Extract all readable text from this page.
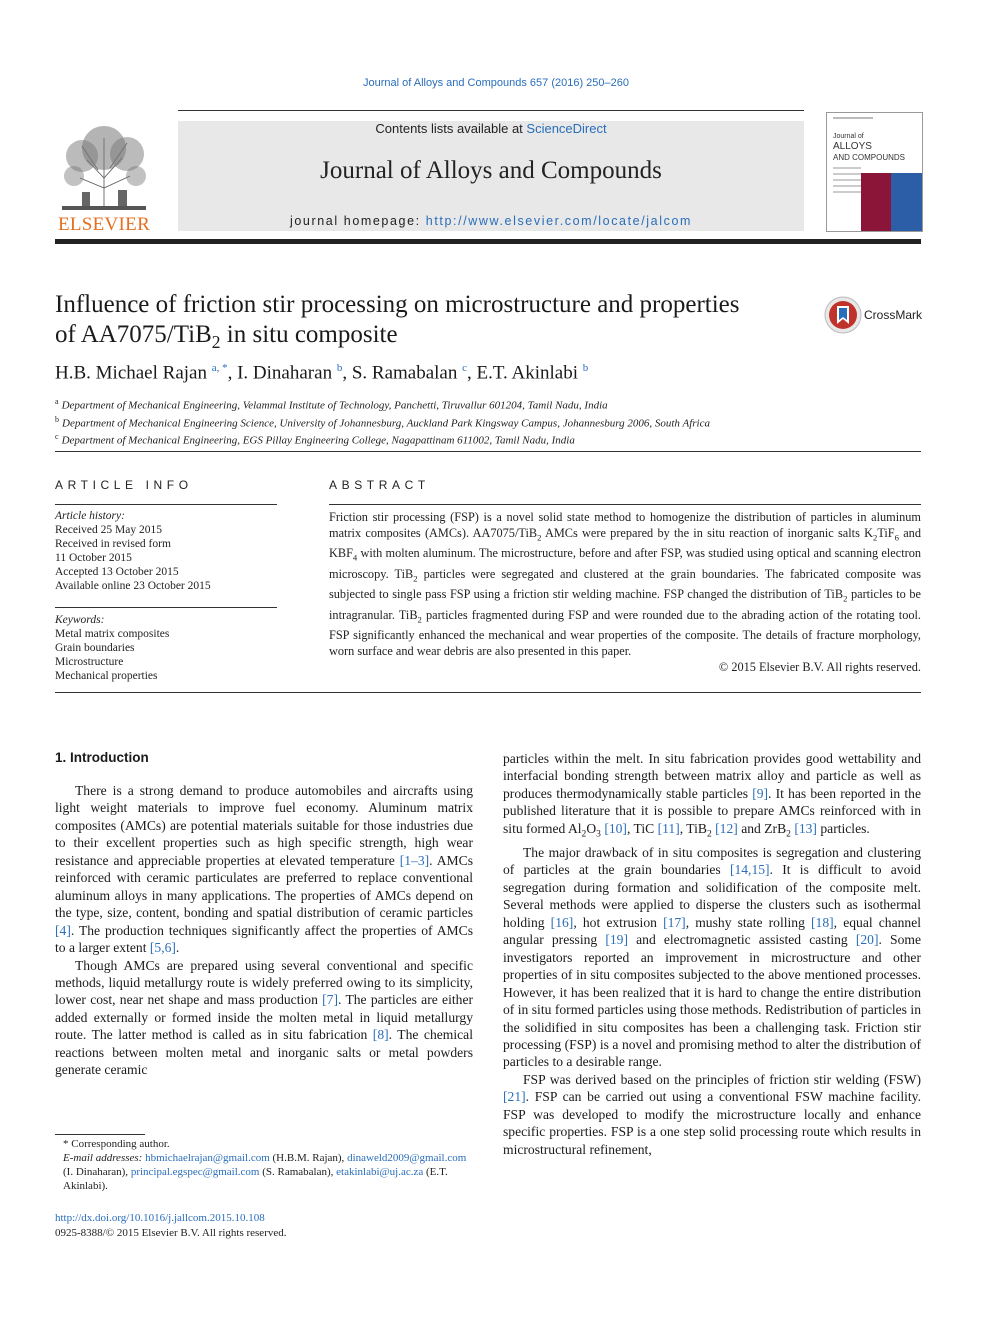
Journal of Alloys and Compounds 657 (2016) 250–260
ELSEVIER
Contents lists available at ScienceDirect
Journal of Alloys and Compounds
journal homepage: http://www.elsevier.com/locate/jalcom
Journal of
ALLOYS
AND COMPOUNDS
Influence of friction stir processing on microstructure and properties
of AA7075/TiB$_2$ in situ composite
CrossMark
H.B. Michael Rajan $^{a, *}$, I. Dinaharan $^b$, S. Ramabalan $^c$, E.T. Akinlabi $^b$
$^a$ Department of Mechanical Engineering, Velammal Institute of Technology, Panchetti, Tiruvallur 601204, Tamil Nadu, India
$^b$ Department of Mechanical Engineering Science, University of Johannesburg, Auckland Park Kingsway Campus, Johannesburg 2006, South Africa
$^c$ Department of Mechanical Engineering, EGS Pillay Engineering College, Nagapattinam 611002, Tamil Nadu, India
ARTICLE INFO
Article history:
Received 25 May 2015
Received in revised form
11 October 2015
Accepted 13 October 2015
Available online 23 October 2015
Keywords:
Metal matrix composites
Grain boundaries
Microstructure
Mechanical properties
ABSTRACT
Friction stir processing (FSP) is a novel solid state method to homogenize the distribution of particles in aluminum matrix composites (AMCs). AA7075/TiB$_2$ AMCs were prepared by the in situ reaction of inorganic salts $K_2TiF_6$ and $KBF_4$ with molten aluminum. The microstructure, before and after FSP, was studied using optical and scanning electron microscopy. TiB$_2$ particles were segregated and clustered at the grain boundaries. The fabricated composite was subjected to single pass FSP using a friction stir welding machine. FSP changed the distribution of TiB$_2$ particles to be intragranular. TiB$_2$ particles fragmented during FSP and were rounded due to the abrading action of the rotating tool. FSP significantly enhanced the mechanical and wear properties of the composite. The details of fracture morphology, worn surface and wear debris are also presented in this paper.
© 2015 Elsevier B.V. All rights reserved.
1. Introduction

There is a strong demand to produce automobiles and aircrafts using light weight materials to improve fuel economy. Aluminum matrix composites (AMCs) are potential materials suitable for those industries due to their excellent properties such as high specific strength, high wear resistance and appreciable properties at elevated temperature [1–3]. AMCs reinforced with ceramic particulates are preferred to replace conventional aluminum alloys in many applications. The properties of AMCs depend on the type, size, content, bonding and spatial distribution of ceramic particles [4]. The production techniques significantly affect the properties of AMCs to a larger extent [5,6].

Though AMCs are prepared using several conventional and specific methods, liquid metallurgy route is widely preferred owing to its simplicity, lower cost, near net shape and mass production [7]. The particles are either added externally or formed inside the molten metal in liquid metallurgy route. The latter method is called as in situ fabrication [8]. The chemical reactions between molten metal and inorganic salts or metal powders generate ceramic

particles within the melt. In situ fabrication provides good wettability and interfacial bonding strength between matrix alloy and particle as well as produces thermodynamically stable particles [9]. It has been reported in the published literature that it is possible to prepare AMCs reinforced with in situ formed $Al_2O_3$ [10], TiC [11], TiB$_2$ [12] and ZrB$_2$ [13] particles.

The major drawback of in situ composites is segregation and clustering of particles at the grain boundaries [14,15]. It is difficult to avoid segregation during formation and solidification of the composite melt. Several methods were applied to disperse the clusters such as isothermal holding [16], hot extrusion [17], mushy state rolling [18], equal channel angular pressing [19] and electromagnetic assisted casting [20]. Some investigators reported an improvement in microstructure and other properties of in situ composites subjected to the above mentioned processes. However, it has been realized that it is hard to change the entire distribution of in situ formed particles using those methods. Redistribution of particles in the solidified in situ composites has been a challenging task. Friction stir processing (FSP) is a novel and promising method to alter the distribution of particles to a desirable range.

FSP was derived based on the principles of friction stir welding (FSW) [21]. FSP can be carried out using a conventional FSW machine facility. FSP was developed to modify the microstructure locally and enhance specific properties. FSP is a one step solid processing route which results in microstructural refinement,

* Corresponding author.
E-mail addresses: hbmichaelrajan@gmail.com (H.B.M. Rajan), dinaweld2009@gmail.com (I. Dinaharan), principal.egspec@gmail.com (S. Ramabalan), etakinlabi@uj.ac.za (E.T. Akinlabi).
http://dx.doi.org/10.1016/j.jallcom.2015.10.108
0925-8388/© 2015 Elsevier B.V. All rights reserved.
